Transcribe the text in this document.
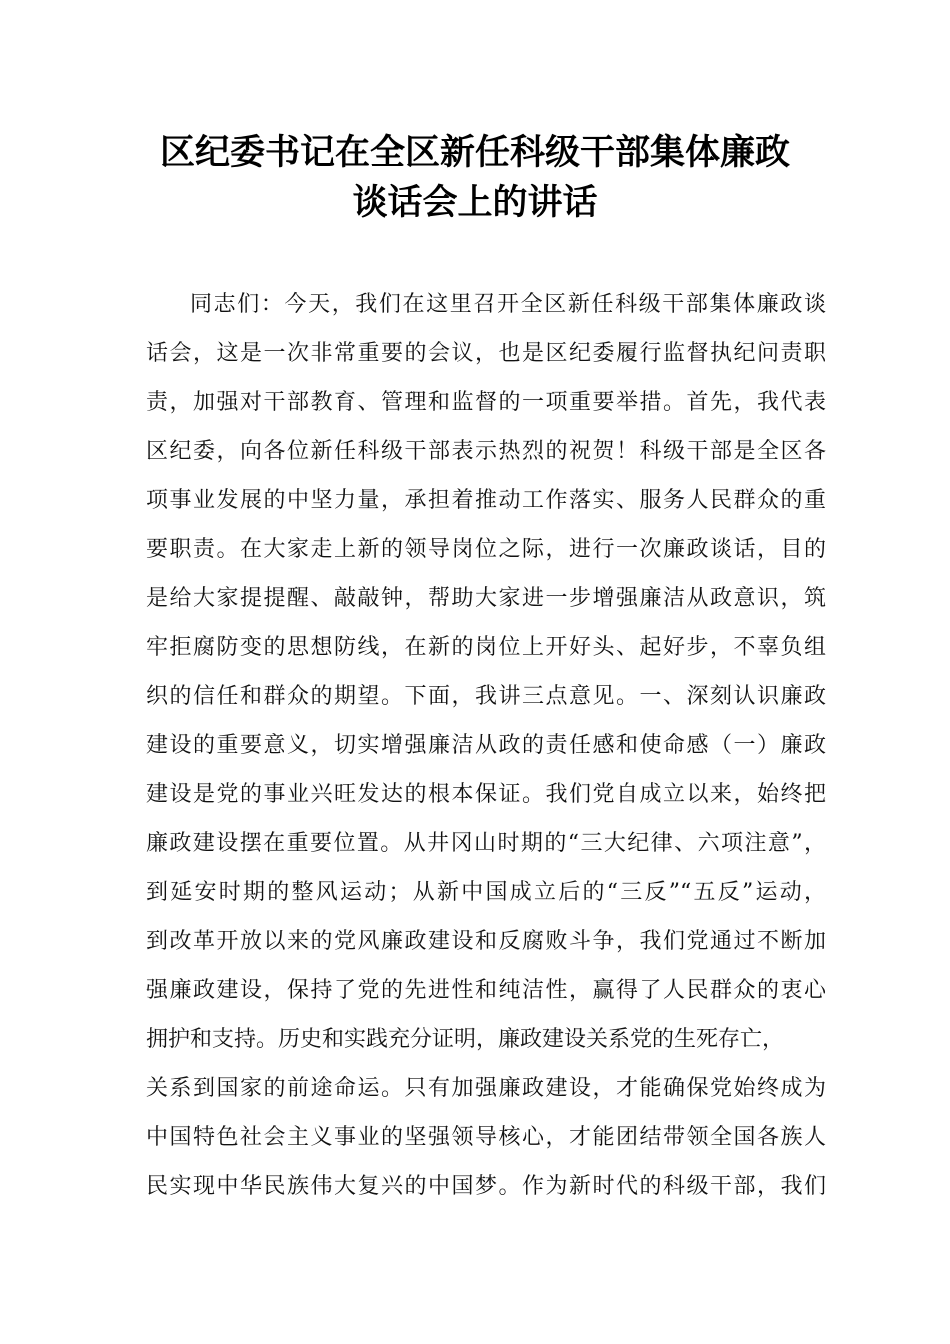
区纪委书记在全区新任科级干部集体廉政
谈话会上的讲话
同志们：今天，我们在这里召开全区新任科级干部集体廉政谈
话会，这是一次非常重要的会议，也是区纪委履行监督执纪问责职
责，加强对干部教育、管理和监督的一项重要举措。首先，我代表
区纪委，向各位新任科级干部表示热烈的祝贺！科级干部是全区各
项事业发展的中坚力量，承担着推动工作落实、服务人民群众的重
要职责。在大家走上新的领导岗位之际，进行一次廉政谈话，目的
是给大家提提醒、敲敲钟，帮助大家进一步增强廉洁从政意识，筑
牢拒腐防变的思想防线，在新的岗位上开好头、起好步，不辜负组
织的信任和群众的期望。下面，我讲三点意见。一、深刻认识廉政
建设的重要意义，切实增强廉洁从政的责任感和使命感（一）廉政
建设是党的事业兴旺发达的根本保证。我们党自成立以来，始终把
廉政建设摆在重要位置。从井冈山时期的“三大纪律、六项注意”，
到延安时期的整风运动；从新中国成立后的“三反”“五反”运动，
到改革开放以来的党风廉政建设和反腐败斗争，我们党通过不断加
强廉政建设，保持了党的先进性和纯洁性，赢得了人民群众的衷心
拥护和支持。历史和实践充分证明，廉政建设关系党的生死存亡，
关系到国家的前途命运。只有加强廉政建设，才能确保党始终成为
中国特色社会主义事业的坚强领导核心，才能团结带领全国各族人
民实现中华民族伟大复兴的中国梦。作为新时代的科级干部，我们
